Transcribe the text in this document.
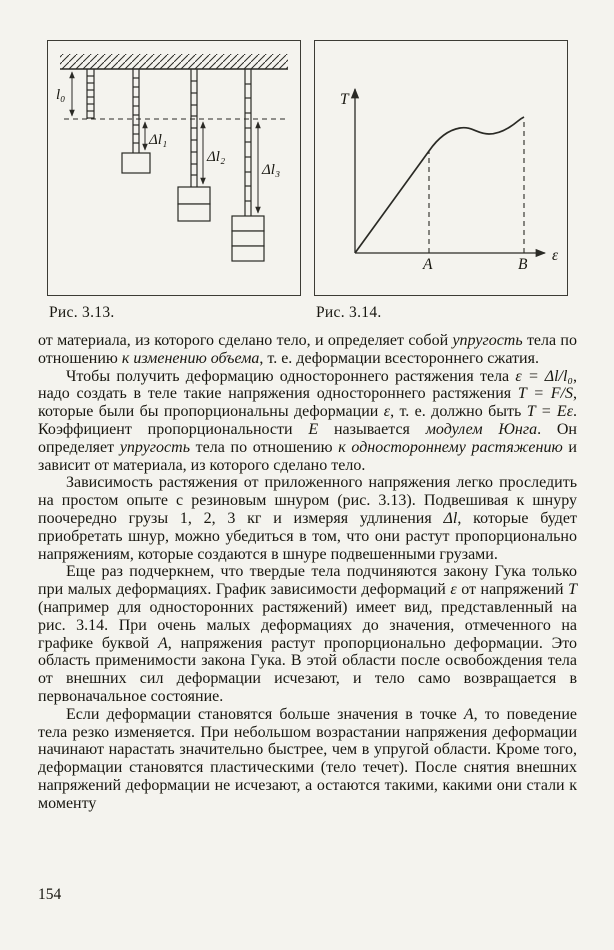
l₀
Δl₁
Δl₂
Δl₃
Рис. 3.13.
T
ε
A	B
Рис. 3.14.

от материала, из которого сделано тело, и определяет собой упругость тела по отношению к изменению объема, т. е. деформации всестороннего сжатия.

Чтобы получить деформацию одностороннего растяжения тела ε = Δl/l₀, надо создать в теле такие напряжения одностороннего растяжения T = F/S, которые были бы пропорциональны деформации ε, т. е. должно быть T = Eε. Коэффициент пропорциональности E называется модулем Юнга. Он определяет упругость тела по отношению к одностороннему растяжению и зависит от материала, из которого сделано тело.

Зависимость растяжения от приложенного напряжения легко проследить на простом опыте с резиновым шнуром (рис. 3.13). Подвешивая к шнуру поочередно грузы 1, 2, 3 кг и измеряя удлинения Δl, которые будет приобретать шнур, можно убедиться в том, что они растут пропорционально напряжениям, которые создаются в шнуре подвешенными грузами.

Еще раз подчеркнем, что твердые тела подчиняются закону Гука только при малых деформациях. График зависимости деформаций ε от напряжений T (например для односторонних растяжений) имеет вид, представленный на рис. 3.14. При очень малых деформациях до значения, отмеченного на графике буквой A, напряжения растут пропорционально деформации. Это область применимости закона Гука. В этой области после освобождения тела от внешних сил деформации исчезают, и тело само возвращается в первоначальное состояние.

Если деформации становятся больше значения в точке A, то поведение тела резко изменяется. При небольшом возрастании напряжения деформации начинают нарастать значительно быстрее, чем в упругой области. Кроме того, деформации становятся пластическими (тело течет). После снятия внешних напряжений деформации не исчезают, а остаются такими, какими они стали к моменту

154
